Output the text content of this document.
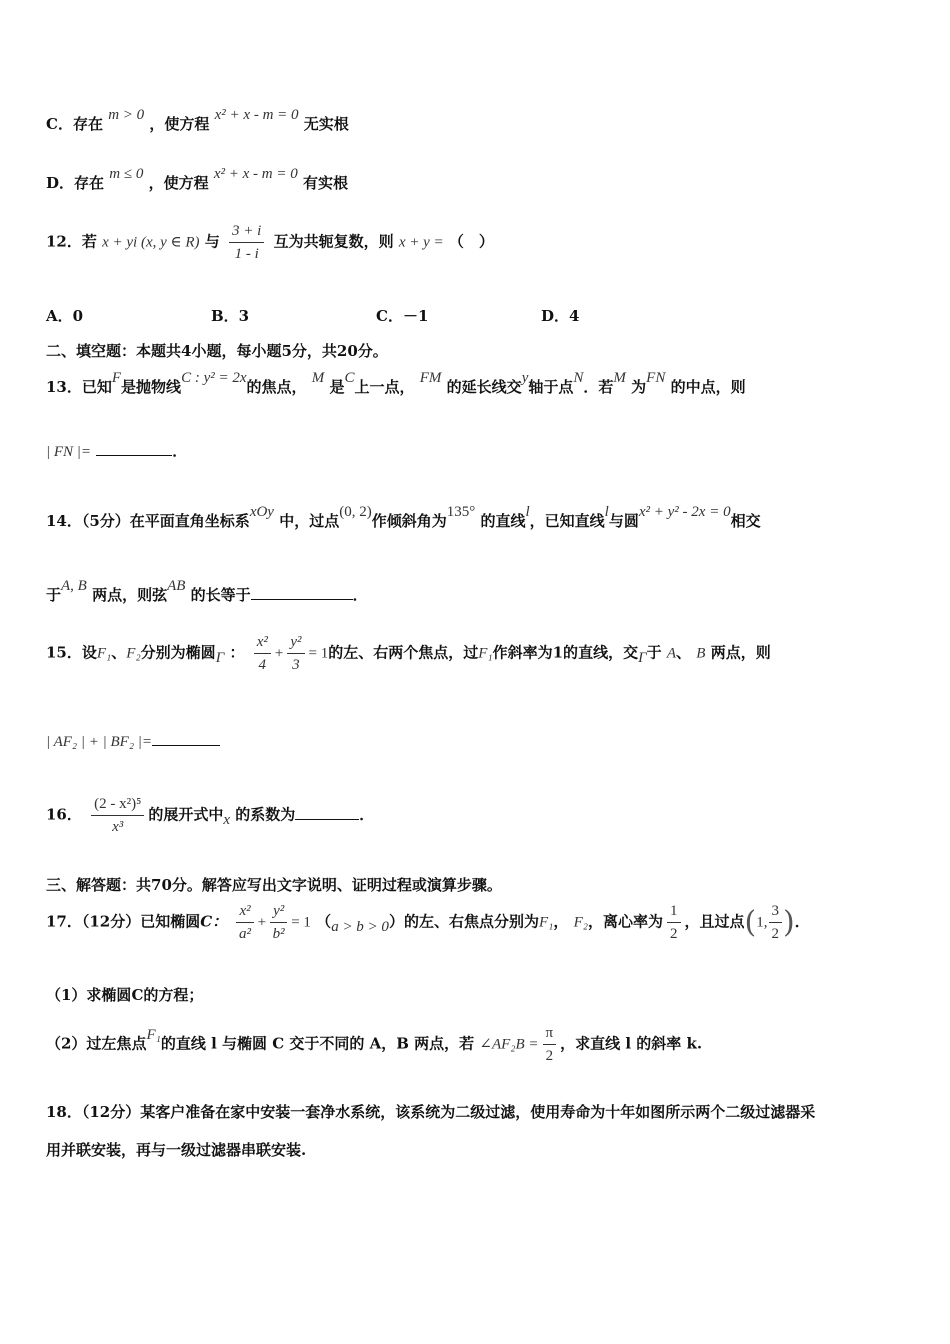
C．存在 m > 0 ，使方程 x² + x - m = 0 无实根
D．存在 m ≤ 0 ，使方程 x² + x - m = 0 有实根
12．若 x + yi (x, y ∈ R) 与 $\frac{3 + i}{1 - i}$ 互为共轭复数，则 x + y = （　）
A．0	B．3	C．－1	D．4
二、填空题：本题共4小题，每小题5分，共20分。
13．已知F是抛物线C : y² = 2x的焦点， M 是C上一点， FM 的延长线交y轴于点N．若M 为FN 的中点，则
| FN |=	．
14．（5分）在平面直角坐标系xOy 中，过点(0, 2)作倾斜角为135° 的直线l，已知直线l与圆x² + y² - 2x = 0相交
于A, B 两点，则弦AB 的长等于	．
15．设F₁、F₂分别为椭圆Γ ： $\frac{\text{x²}}{4} + \frac{\text{y²}}{3} = 1$的左、右两个焦点，过F₁作斜率为1的直线，交Γ于 A、 B 两点，则
| AF₂ | + | BF₂ |=
16． $\frac{\text{(2 - x²)⁵}}{\text{x³}}$ 的展开式中x 的系数为	．
三、解答题：共70分。解答应写出文字说明、证明过程或演算步骤。
17．（12分）已知椭圆C： $\frac{\text{x²}}{\text{a²}} + \frac{\text{y²}}{\text{b²}} = 1$ （a > b > 0）的左、右焦点分别为F₁， F₂，离心率为 $\frac{1}{2}$ ，且过点(1, $\frac{3}{2}$ )．
（1）求椭圆C的方程；
（2）过左焦点F₁的直线 l 与椭圆 C 交于不同的 A，B 两点，若 ∠AF₂B = $\frac{\pi}{2}$ ，求直线 l 的斜率 k.
18．（12分）某客户准备在家中安装一套净水系统，该系统为二级过滤，使用寿命为十年如图所示两个二级过滤器采
用并联安装，再与一级过滤器串联安装.
